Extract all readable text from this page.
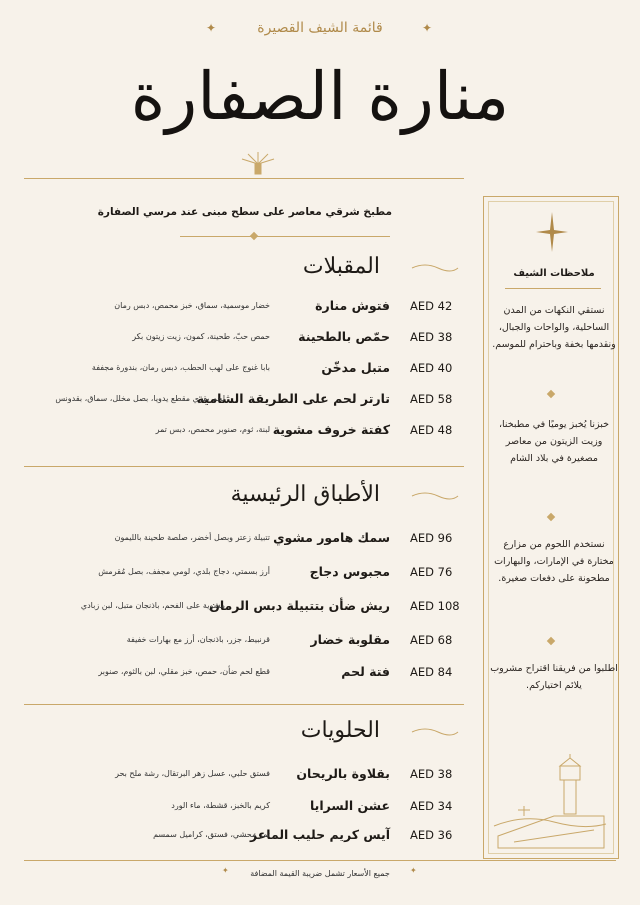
✦	✦
قائمة الشيف القصيرة
منارة الصفارة
مطبخ شرقي معاصر على سطح مبنى عند مرسي الصفارة
المقبلات
فتوش منارة
خضار موسمية، سماق، خبز محمص، دبس رمان	AED 42
حمّص بالطحينة
حمص حبّ، طحينة، كمون، زيت زيتون بكر	AED 38
متبل مدخّن
بابا غنوج على لهب الحطب، دبس رمان، بندورة مجففة	AED 40
تارتر لحم على الطريقة الشامية
لحم بقري مقطع يدويا، بصل مخلل، سماق، بقدونس	AED 58
كفتة خروف مشوية
لبنة، ثوم، صنوبر محمص، دبس تمر	AED 48
الأطباق الرئيسية
سمك هامور مشوي
تتبيلة زعتر وبصل أخضر، صلصة طحينة بالليمون	AED 96
مجبوس دجاج
أرز بسمتي، دجاج بلدي، لومي مجفف، بصل مُقرمش	AED 76
ريش ضأن بتتبيلة دبس الرمان
مشوية على الفحم، باذنجان متبل، لبن زبادي	AED 108
مقلوبة خضار
قرنبيط، جزر، باذنجان، أرز مع بهارات خفيفة	AED 68
فتة لحم
قطع لحم ضأن، حمص، خبز مقلي، لبن بالثوم، صنوبر	AED 84
الحلويات
بقلاوة بالريحان
فستق حلبي، عسل زهر البرتقال، رشة ملح بحر	AED 38
عشن السرايا
كريم بالخبز، قشطة، ماء الورد	AED 34
آيس كريم حليب الماعز
تمر محشي، فستق، كراميل سمسم	AED 36
ملاحظات الشيف
نستقي النكهات من المدن الساحلية، والواحات والجبال، ونقدمها بخفة وباحترام للموسم.
خبزنا يُخبز يوميًا في مطبخنا، وزيت الزيتون من معاصر مصغيرة في بلاد الشام
نستخدم اللحوم من مزارع مختارة في الإمارات، والبهارات مطحونة على دفعات صغيرة.
اطلبوا من فريقنا اقتراح مشروب يلائم اختياركم.
جميع الأسعار تشمل ضريبة القيمة المضافة
✦	✦
